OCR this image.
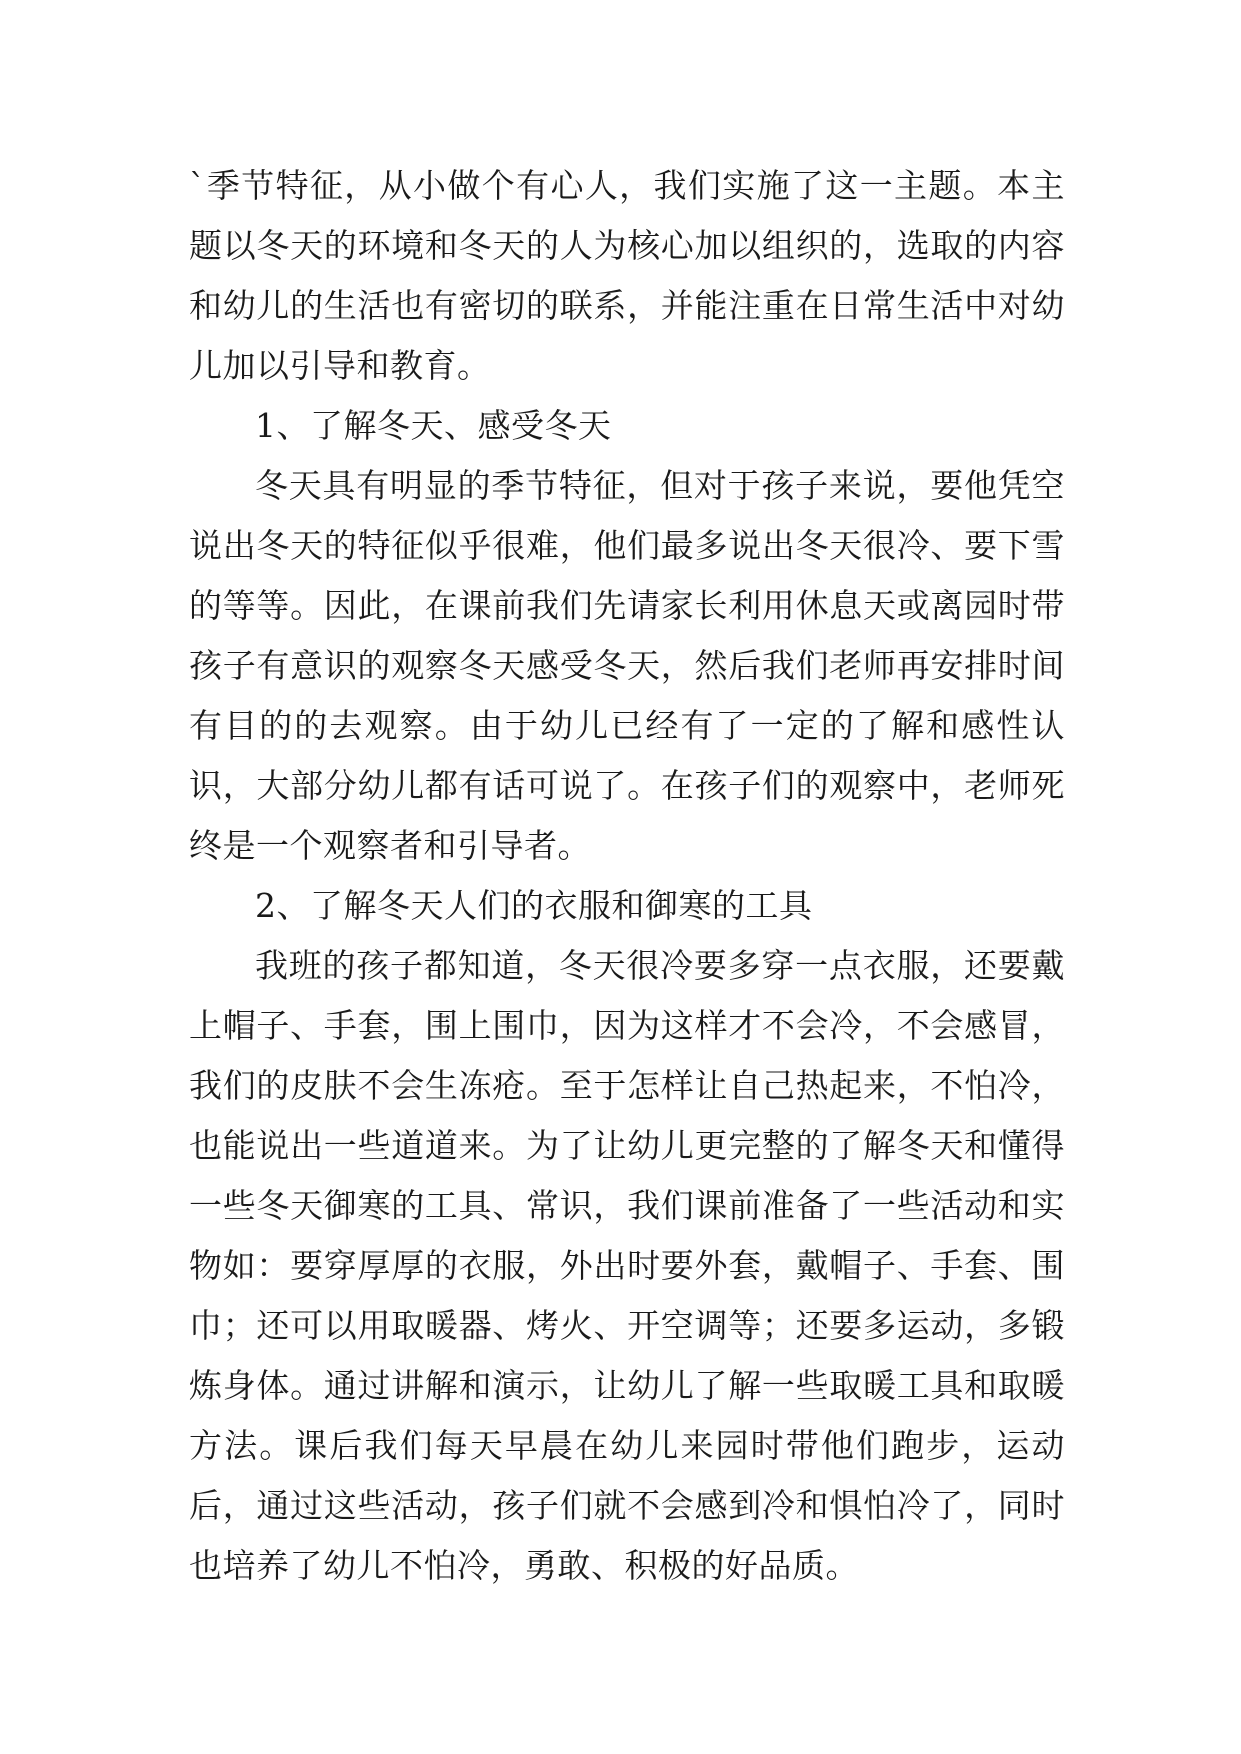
`季节特征，从小做个有心人，我们实施了这一主题。本主题以冬天的环境和冬天的人为核心加以组织的，选取的内容和幼儿的生活也有密切的联系，并能注重在日常生活中对幼儿加以引导和教育。

1、了解冬天、感受冬天

冬天具有明显的季节特征，但对于孩子来说，要他凭空说出冬天的特征似乎很难，他们最多说出冬天很冷、要下雪的等等。因此，在课前我们先请家长利用休息天或离园时带孩子有意识的观察冬天感受冬天，然后我们老师再安排时间有目的的去观察。由于幼儿已经有了一定的了解和感性认识，大部分幼儿都有话可说了。在孩子们的观察中，老师死终是一个观察者和引导者。

2、了解冬天人们的衣服和御寒的工具

我班的孩子都知道，冬天很冷要多穿一点衣服，还要戴上帽子、手套，围上围巾，因为这样才不会冷，不会感冒，我们的皮肤不会生冻疮。至于怎样让自己热起来，不怕冷，也能说出一些道道来。为了让幼儿更完整的了解冬天和懂得一些冬天御寒的工具、常识，我们课前准备了一些活动和实物如：要穿厚厚的衣服，外出时要外套，戴帽子、手套、围巾；还可以用取暖器、烤火、开空调等；还要多运动，多锻炼身体。通过讲解和演示，让幼儿了解一些取暖工具和取暖方法。课后我们每天早晨在幼儿来园时带他们跑步，运动后，通过这些活动，孩子们就不会感到冷和惧怕冷了，同时也培养了幼儿不怕冷，勇敢、积极的好品质。
